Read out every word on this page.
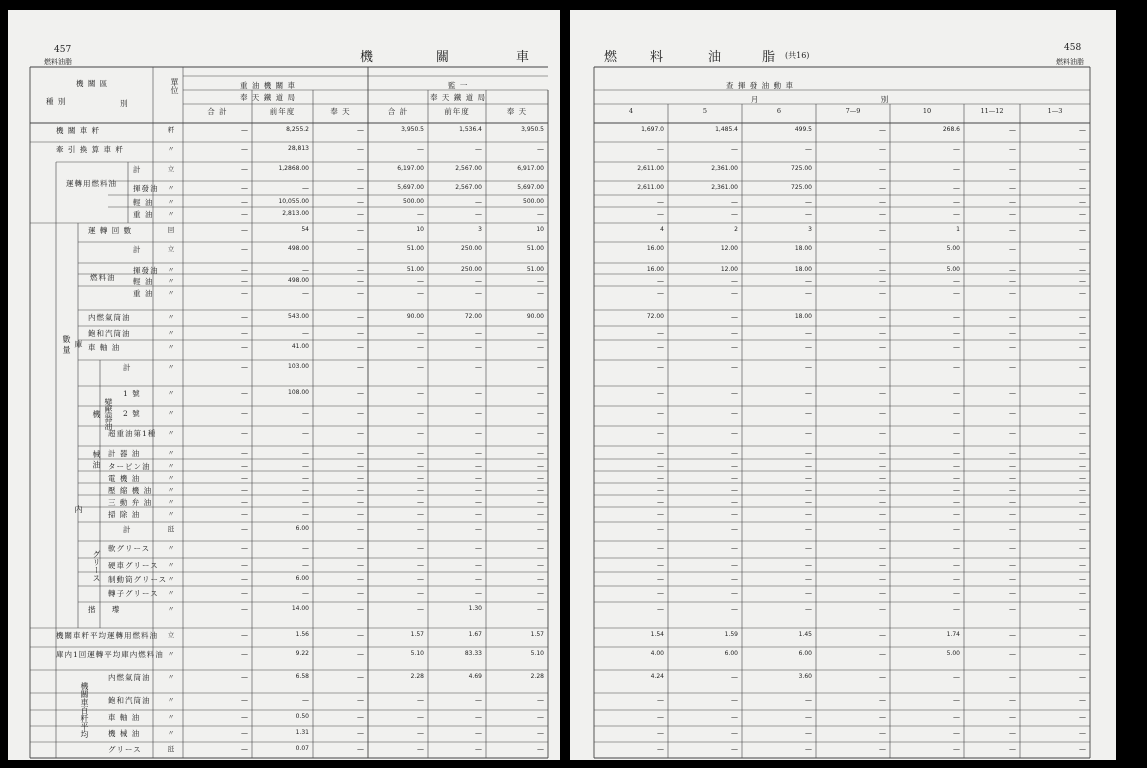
457
燃料油脂	機	關	車
機 關 區
種 別	別
單位	重 油 機 關 車
奉 天 鐵 道 局
監 一
奉 天 鐵 道 局
合 計	前年度	奉 天	合 計	前年度	奉 天
運轉用燃料油
燃料油
數 量 庫
内
機 變壓器油
械 油
グリース
機關車百粁平均
機 關 車 粁	粁	—	8,255.2	—	3,950.5	1,536.4	3,950.5
牽 引 換 算 車 粁	〃	—	28,813	—	—	—	—
計	立	—	1,2868.00	—	6,197.00	2,567.00	6,917.00
揮發油	〃	—	—	—	5,697.00	2,567.00	5,697.00
輕 油	〃	—	10,055.00	—	500.00	—	500.00
重 油	〃	—	2,813.00	—	—	—	—
運 轉 回 數	回	—	54	—	10	3	10
計	立	—	498.00	—	51.00	250.00	51.00
揮發油	〃	—	—	—	51.00	250.00	51.00
輕 油	〃	—	498.00	—	—	—	—
重 油	〃	—	—	—	—	—	—
内燃氣筒油	〃	—	543.00	—	90.00	72.00	90.00
飽和汽筒油	〃	—	—	—	—	—	—
車 軸 油	〃	—	41.00	—	—	—	—
計	〃	—	103.00	—	—	—	—
1 號	〃	—	108.00	—	—	—	—
2 號	〃	—	—	—	—	—	—
超重油第1種	〃	—	—	—	—	—	—
計 器 油	〃	—	—	—	—	—	—
タービン油	〃	—	—	—	—	—	—
電 機 油	〃	—	—	—	—	—	—
壓 縮 機 油	〃	—	—	—	—	—	—
三 動 弁 油	〃	—	—	—	—	—	—
掃 除 油	〃	—	—	—	—	—	—
計	瓩	—	6.00	—	—	—	—
軟グリース	〃	—	—	—	—	—	—
硬車グリース	〃	—	—	—	—	—	—
制動筒グリース 〃	—	6.00	—	—	—	—
轉子グリース	〃	—	—	—	—	—	—
揩 　 瓈	〃	—	14.00	—	—	1.30	—
機關車粁平均運轉用燃料油	立	—	1.56	—	1.57	1.67	1.57
庫内1回運轉平均庫内燃料油 〃	—	9.22	—	5.10	83.33	5.10
内燃氣筒油	〃	—	6.58	—	2.28	4.69	2.28
飽和汽筒油	〃	—	—	—	—	—	—
車 軸 油	〃	—	0.50	—	—	—	—
機 械 油	〃	—	1.31	—	—	—	—
グリース	瓩	—	0.07	—	—	—	—
458
燃料油脂
燃	料	油	脂 (共16)
查 揮 發 油 動 車
月	別
4	5	6	7—9	10	11—12	1—3
1,697.0	1,485.4	499.5	—	268.6	—	—
—	—	—	—	—	—	—
2,611.00	2,361.00	725.00	—	—	—	—
2,611.00	2,361.00	725.00	—	—	—	—
—	—	—	—	—	—	—
—	—	—	—	—	—	—
4	2	3	—	1	—	—
16.00	12.00	18.00	—	5.00	—	—
16.00	12.00	18.00	—	5.00	—	—
—	—	—	—	—	—	—
—	—	—	—	—	—	—
72.00	—	18.00	—	—	—	—
—	—	—	—	—	—	—
—	—	—	—	—	—	—
—	—	—	—	—	—	—
—	—	—	—	—	—	—
—	—	—	—	—	—	—
—	—	—	—	—	—	—
—	—	—	—	—	—	—
—	—	—	—	—	—	—
—	—	—	—	—	—	—
—	—	—	—	—	—	—
—	—	—	—	—	—	—
—	—	—	—	—	—	—
—	—	—	—	—	—	—
—	—	—	—	—	—	—
—	—	—	—	—	—	—
—	—	—	—	—	—	—
—	—	—	—	—	—	—
—	—	—	—	—	—	—
1.54	1.59	1.45	—	1.74	—	—
4.00	6.00	6.00	—	5.00	—	—
4.24	—	3.60	—	—	—	—
—	—	—	—	—	—	—
—	—	—	—	—	—	—
—	—	—	—	—	—	—
—	—	—	—	—	—	—
